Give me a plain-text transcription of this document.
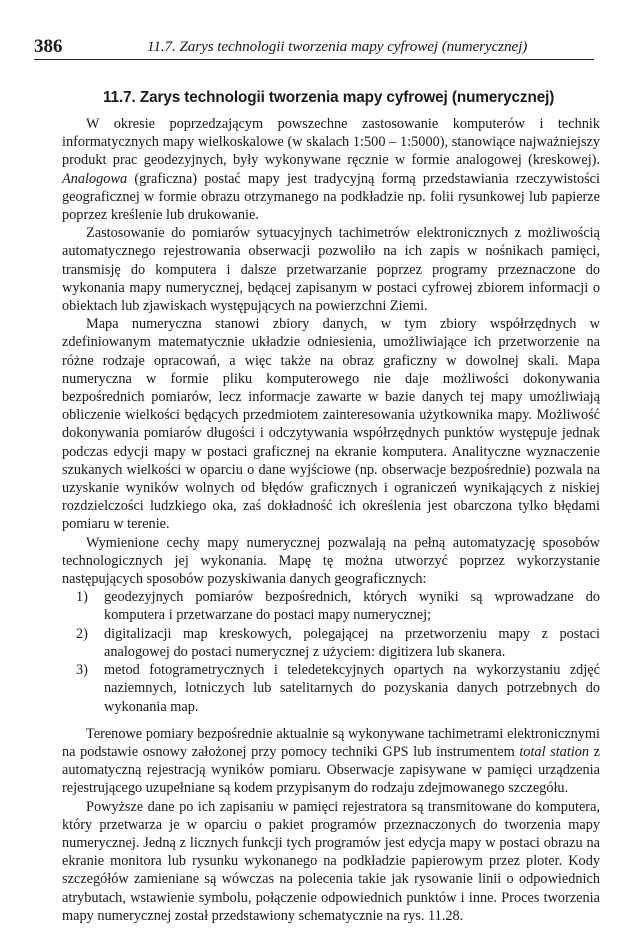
386	11.7. Zarys technologii tworzenia mapy cyfrowej (numerycznej)
11.7. Zarys technologii tworzenia mapy cyfrowej (numerycznej)

W okresie poprzedzającym powszechne zastosowanie komputerów i technik informatycznych mapy wielkoskalowe (w skalach 1:500 – 1:5000), stanowiące najważniejszy produkt prac geodezyjnych, były wykonywane ręcznie w formie analogowej (kreskowej). Analogowa (graficzna) postać mapy jest tradycyjną formą przedstawiania rzeczywistości geograficznej w formie obrazu otrzymanego na podkładzie np. folii rysunkowej lub papierze poprzez kreślenie lub drukowanie.

Zastosowanie do pomiarów sytuacyjnych tachimetrów elektronicznych z możliwością automatycznego rejestrowania obserwacji pozwoliło na ich zapis w nośnikach pamięci, transmisję do komputera i dalsze przetwarzanie poprzez programy przeznaczone do wykonania mapy numerycznej, będącej zapisanym w postaci cyfrowej zbiorem informacji o obiektach lub zjawiskach występujących na powierzchni Ziemi.

Mapa numeryczna stanowi zbiory danych, w tym zbiory współrzędnych w zdefiniowanym matematycznie układzie odniesienia, umożliwiające ich przetworzenie na różne rodzaje opracowań, a więc także na obraz graficzny w dowolnej skali. Mapa numeryczna w formie pliku komputerowego nie daje możliwości dokonywania bezpośrednich pomiarów, lecz informacje zawarte w bazie danych tej mapy umożliwiają obliczenie wielkości będących przedmiotem zainteresowania użytkownika mapy. Możliwość dokonywania pomiarów długości i odczytywania współrzędnych punktów występuje jednak podczas edycji mapy w postaci graficznej na ekranie komputera. Analityczne wyznaczenie szukanych wielkości w oparciu o dane wyjściowe (np. obserwacje bezpośrednie) pozwala na uzyskanie wyników wolnych od błędów graficznych i ograniczeń wynikających z niskiej rozdzielczości ludzkiego oka, zaś dokładność ich określenia jest obarczona tylko błędami pomiaru w terenie.

Wymienione cechy mapy numerycznej pozwalają na pełną automatyzację sposobów technologicznych jej wykonania. Mapę tę można utworzyć poprzez wykorzystanie następujących sposobów pozyskiwania danych geograficznych:

1) geodezyjnych pomiarów bezpośrednich, których wyniki są wprowadzane do komputera i przetwarzane do postaci mapy numerycznej;
2) digitalizacji map kreskowych, polegającej na przetworzeniu mapy z postaci analogowej do postaci numerycznej z użyciem: digitizera lub skanera.
3) metod fotogrametrycznych i teledetekcyjnych opartych na wykorzystaniu zdjęć naziemnych, lotniczych lub satelitarnych do pozyskania danych potrzebnych do wykonania map.

Terenowe pomiary bezpośrednie aktualnie są wykonywane tachimetrami elektronicznymi na podstawie osnowy założonej przy pomocy techniki GPS lub instrumentem total station z automatyczną rejestracją wyników pomiaru. Obserwacje zapisywane w pamięci urządzenia rejestrującego uzupełniane są kodem przypisanym do rodzaju zdejmowanego szczegółu.

Powyższe dane po ich zapisaniu w pamięci rejestratora są transmitowane do komputera, który przetwarza je w oparciu o pakiet programów przeznaczonych do tworzenia mapy numerycznej. Jedną z licznych funkcji tych programów jest edycja mapy w postaci obrazu na ekranie monitora lub rysunku wykonanego na podkładzie papierowym przez ploter. Kody szczegółów zamieniane są wówczas na polecenia takie jak rysowanie linii o odpowiednich atrybutach, wstawienie symbolu, połączenie odpowiednich punktów i inne. Proces tworzenia mapy numerycznej został przedstawiony schematycznie na rys. 11.28.
